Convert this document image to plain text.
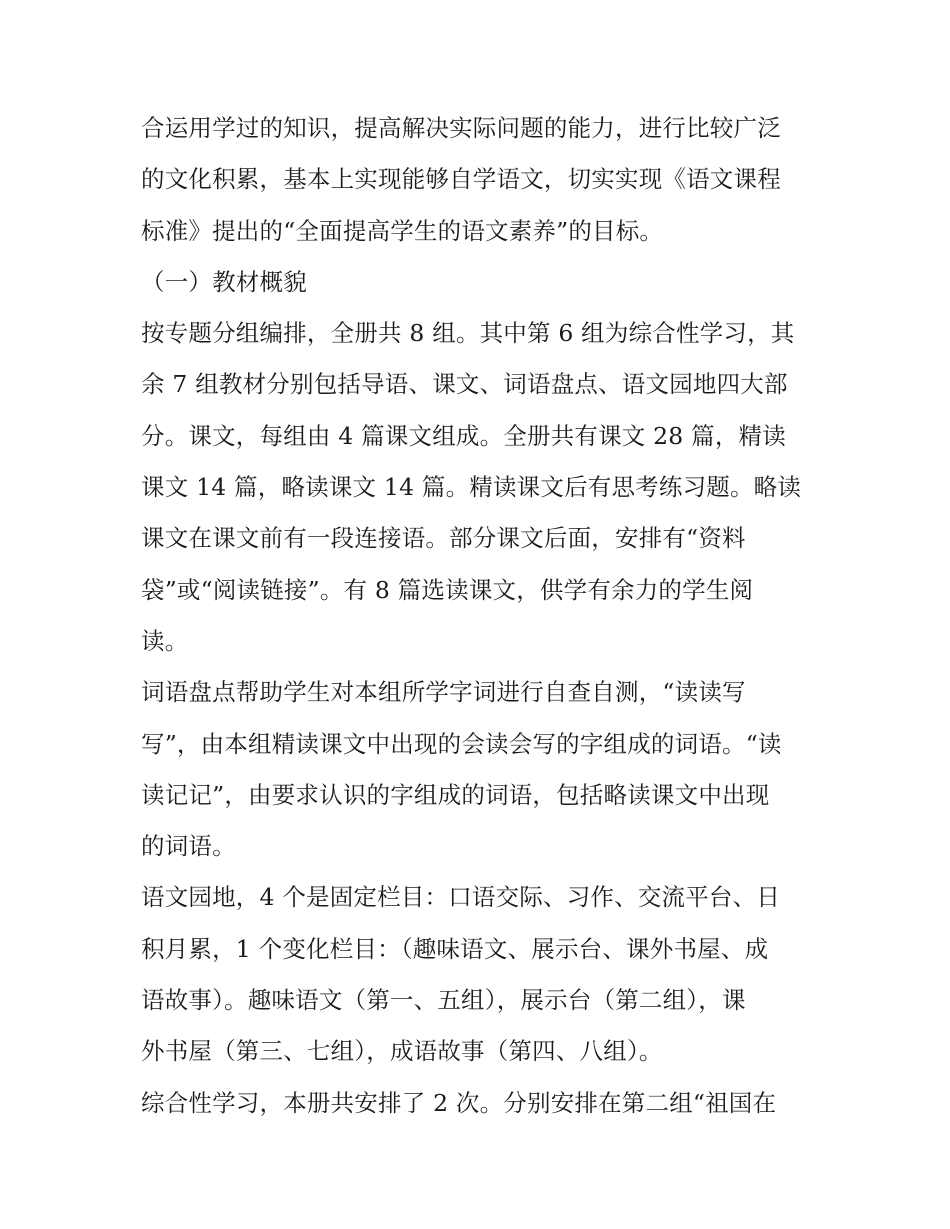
合运用学过的知识，提高解决实际问题的能力，进行比较广泛
的文化积累，基本上实现能够自学语文，切实实现《语文课程
标准》提出的“全面提高学生的语文素养”的目标。
（一）教材概貌
按专题分组编排，全册共 8 组。其中第 6 组为综合性学习，其
余 7 组教材分别包括导语、课文、词语盘点、语文园地四大部
分。课文，每组由 4 篇课文组成。全册共有课文 28 篇，精读
课文 14 篇，略读课文 14 篇。精读课文后有思考练习题。略读
课文在课文前有一段连接语。部分课文后面，安排有“资料
袋”或“阅读链接”。有 8 篇选读课文，供学有余力的学生阅
读。
词语盘点帮助学生对本组所学字词进行自查自测，“读读写
写”，由本组精读课文中出现的会读会写的字组成的词语。“读
读记记”，由要求认识的字组成的词语，包括略读课文中出现
的词语。
语文园地，4 个是固定栏目：口语交际、习作、交流平台、日
积月累，1 个变化栏目：（趣味语文、展示台、课外书屋、成
语故事）。趣味语文（第一、五组），展示台（第二组），课
外书屋（第三、七组），成语故事（第四、八组）。
综合性学习，本册共安排了 2 次。分别安排在第二组“祖国在
